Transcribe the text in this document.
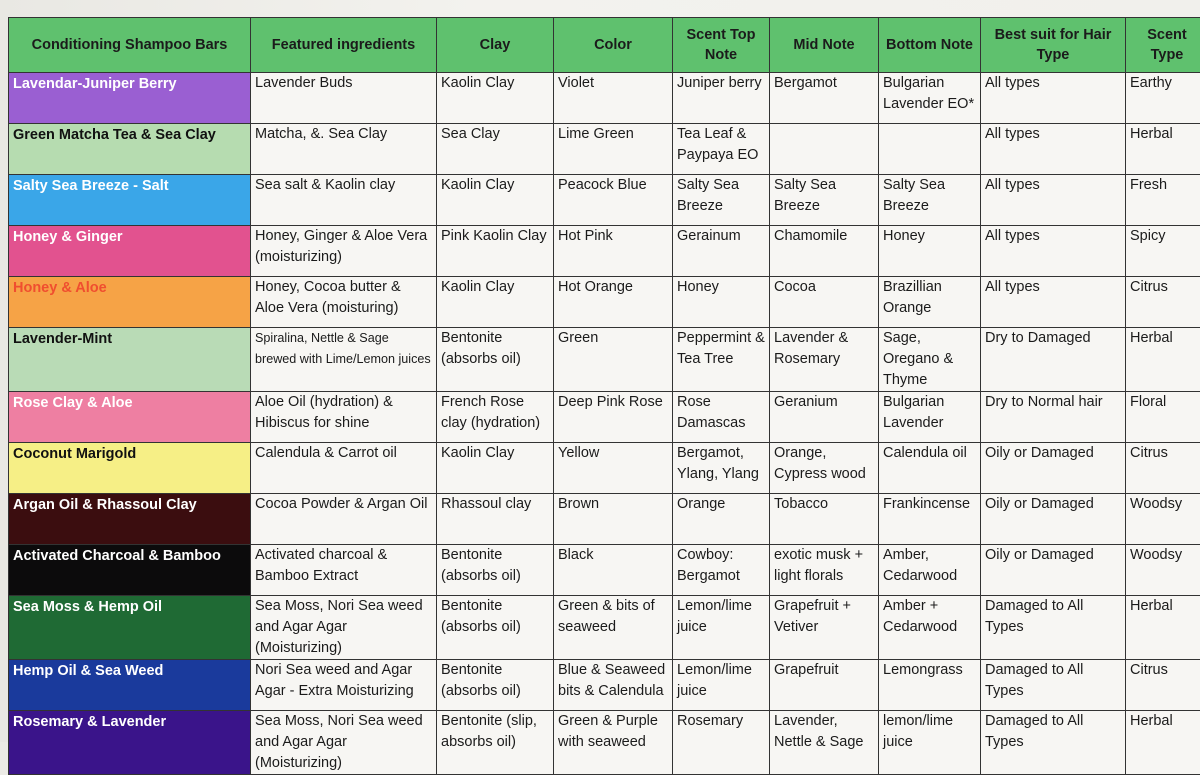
Conditioning Shampoo Bars	Featured ingredients	Clay	Color	Scent Top Note	Mid Note	Bottom Note	Best suit for Hair Type	Scent Type
Lavendar-Juniper Berry	Lavender Buds	Kaolin Clay	Violet	Juniper berry	Bergamot	Bulgarian Lavender EO*	All types	Earthy
Green Matcha Tea & Sea Clay	Matcha, &. Sea Clay	Sea Clay	Lime Green	Tea Leaf & Paypaya EO			All types	Herbal
Salty Sea Breeze - Salt	Sea salt & Kaolin clay	Kaolin Clay	Peacock Blue	Salty Sea Breeze	Salty Sea Breeze	Salty Sea Breeze	All types	Fresh
Honey & Ginger	Honey, Ginger & Aloe Vera (moisturizing)	Pink Kaolin Clay	Hot Pink	Gerainum	Chamomile	Honey	All types	Spicy
Honey & Aloe	Honey, Cocoa butter & Aloe Vera (moisturing)	Kaolin Clay	Hot Orange	Honey	Cocoa	Brazillian Orange	All types	Citrus
Lavender-Mint	Spiralina, Nettle & Sage brewed with Lime/Lemon juices	Bentonite (absorbs oil)	Green	Peppermint & Tea Tree	Lavender & Rosemary	Sage, Oregano & Thyme	Dry to Damaged	Herbal
Rose Clay & Aloe	Aloe Oil (hydration) & Hibiscus for shine	French Rose clay (hydration)	Deep Pink Rose	Rose Damascas	Geranium	Bulgarian Lavender	Dry to Normal hair	Floral
Coconut Marigold	Calendula & Carrot oil	Kaolin Clay	Yellow	Bergamot, Ylang, Ylang	Orange, Cypress wood	Calendula oil	Oily or Damaged	Citrus
Argan Oil & Rhassoul Clay	Cocoa Powder & Argan Oil	Rhassoul clay	Brown	Orange	Tobacco	Frankincense	Oily or Damaged	Woodsy
Activated Charcoal & Bamboo	Activated charcoal & Bamboo Extract	Bentonite (absorbs oil)	Black	Cowboy: Bergamot	exotic musk + light florals	Amber, Cedarwood	Oily or Damaged	Woodsy
Sea Moss & Hemp Oil	Sea Moss, Nori Sea weed and Agar Agar (Moisturizing)	Bentonite (absorbs oil)	Green & bits of seaweed	Lemon/lime juice	Grapefruit + Vetiver	Amber + Cedarwood	Damaged to All Types	Herbal
Hemp Oil & Sea Weed	Nori Sea weed and Agar Agar - Extra Moisturizing	Bentonite (absorbs oil)	Blue & Seaweed bits & Calendula	Lemon/lime juice	Grapefruit	Lemongrass	Damaged to All Types	Citrus
Rosemary & Lavender	Sea Moss, Nori Sea weed and Agar Agar (Moisturizing)	Bentonite (slip, absorbs oil)	Green & Purple with seaweed	Rosemary	Lavender, Nettle & Sage	lemon/lime juice	Damaged to All Types	Herbal
